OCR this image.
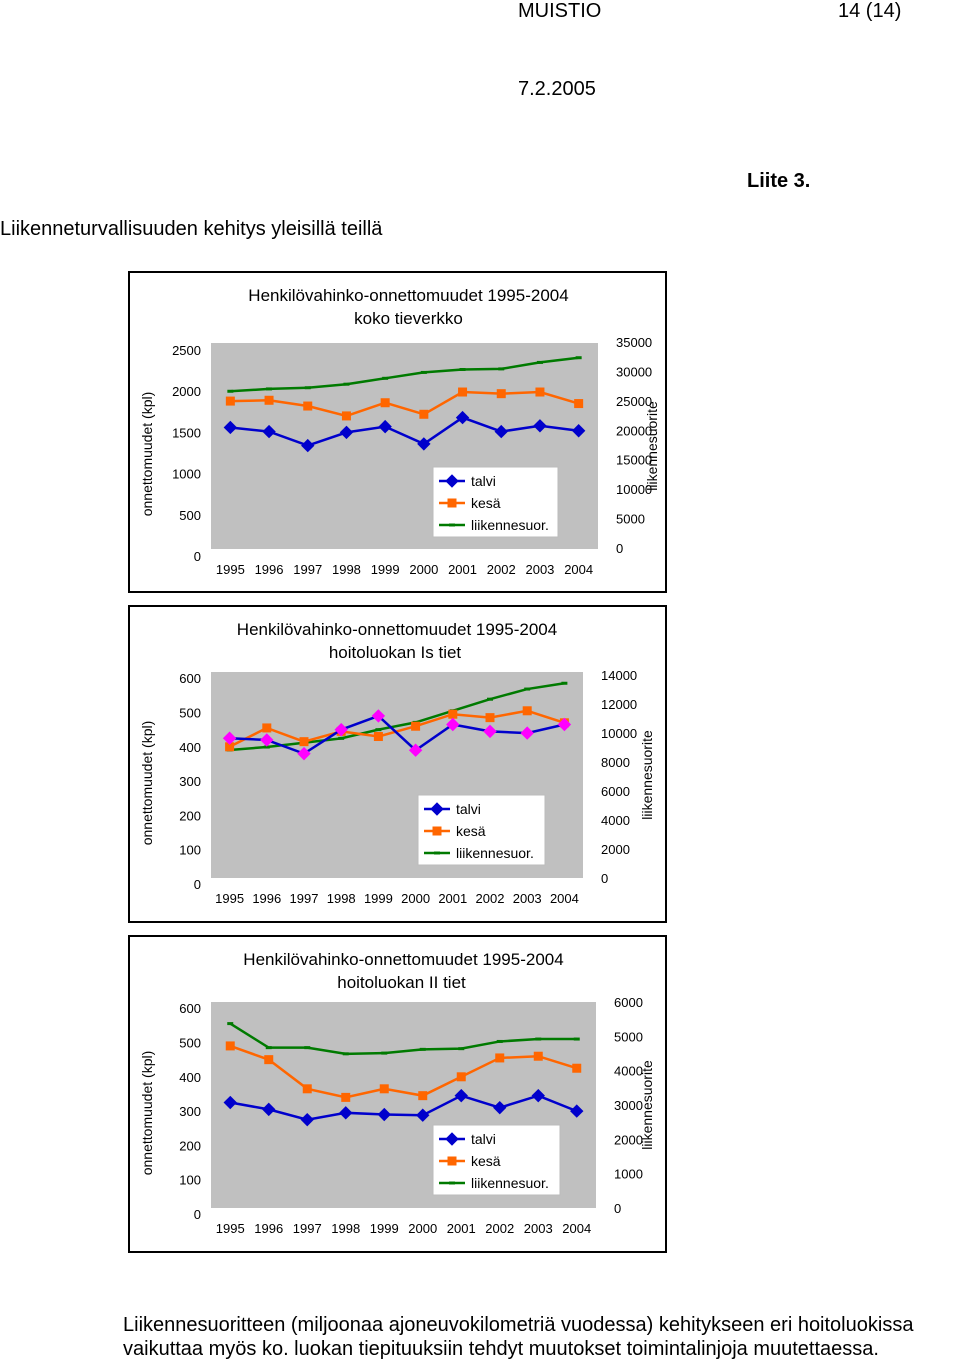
MUISTIO	14 (14)
7.2.2005
Liite 3.
Liikenneturvallisuuden kehitys yleisillä teillä
Henkilövahinko-onnettomuudet 1995-2004
koko tieverkko
0
500
1000
1500
2000
2500
0
5000
10000
15000
20000
25000
30000
35000
onnettomuudet (kpl)	liikennesuorite
1995 1996 1997 1998 1999 2000 2001 2002 2003 2004
talvi
kesä
liikennesuor.
Henkilövahinko-onnettomuudet 1995-2004
hoitoluokan Is tiet
0
100
200
300
400
500
600
0
2000
4000
6000
8000
10000
12000
14000
onnettomuudet (kpl)	liikennesuorite
1995 1996 1997 1998 1999 2000 2001 2002 2003 2004
talvi
kesä
liikennesuor.
Henkilövahinko-onnettomuudet 1995-2004
hoitoluokan II tiet
0
100
200
300
400
500
600
0
1000
2000
3000
4000
5000
6000
onnettomuudet (kpl)	liikennesuorite
1995 1996 1997 1998 1999 2000 2001 2002 2003 2004
talvi
kesä
liikennesuor.
Liikennesuoritteen (miljoonaa ajoneuvokilometriä vuodessa) kehitykseen eri hoitoluokissa vaikuttaa myös ko. luokan tiepituuksiin tehdyt muutokset toimintalinjoja muutettaessa.
